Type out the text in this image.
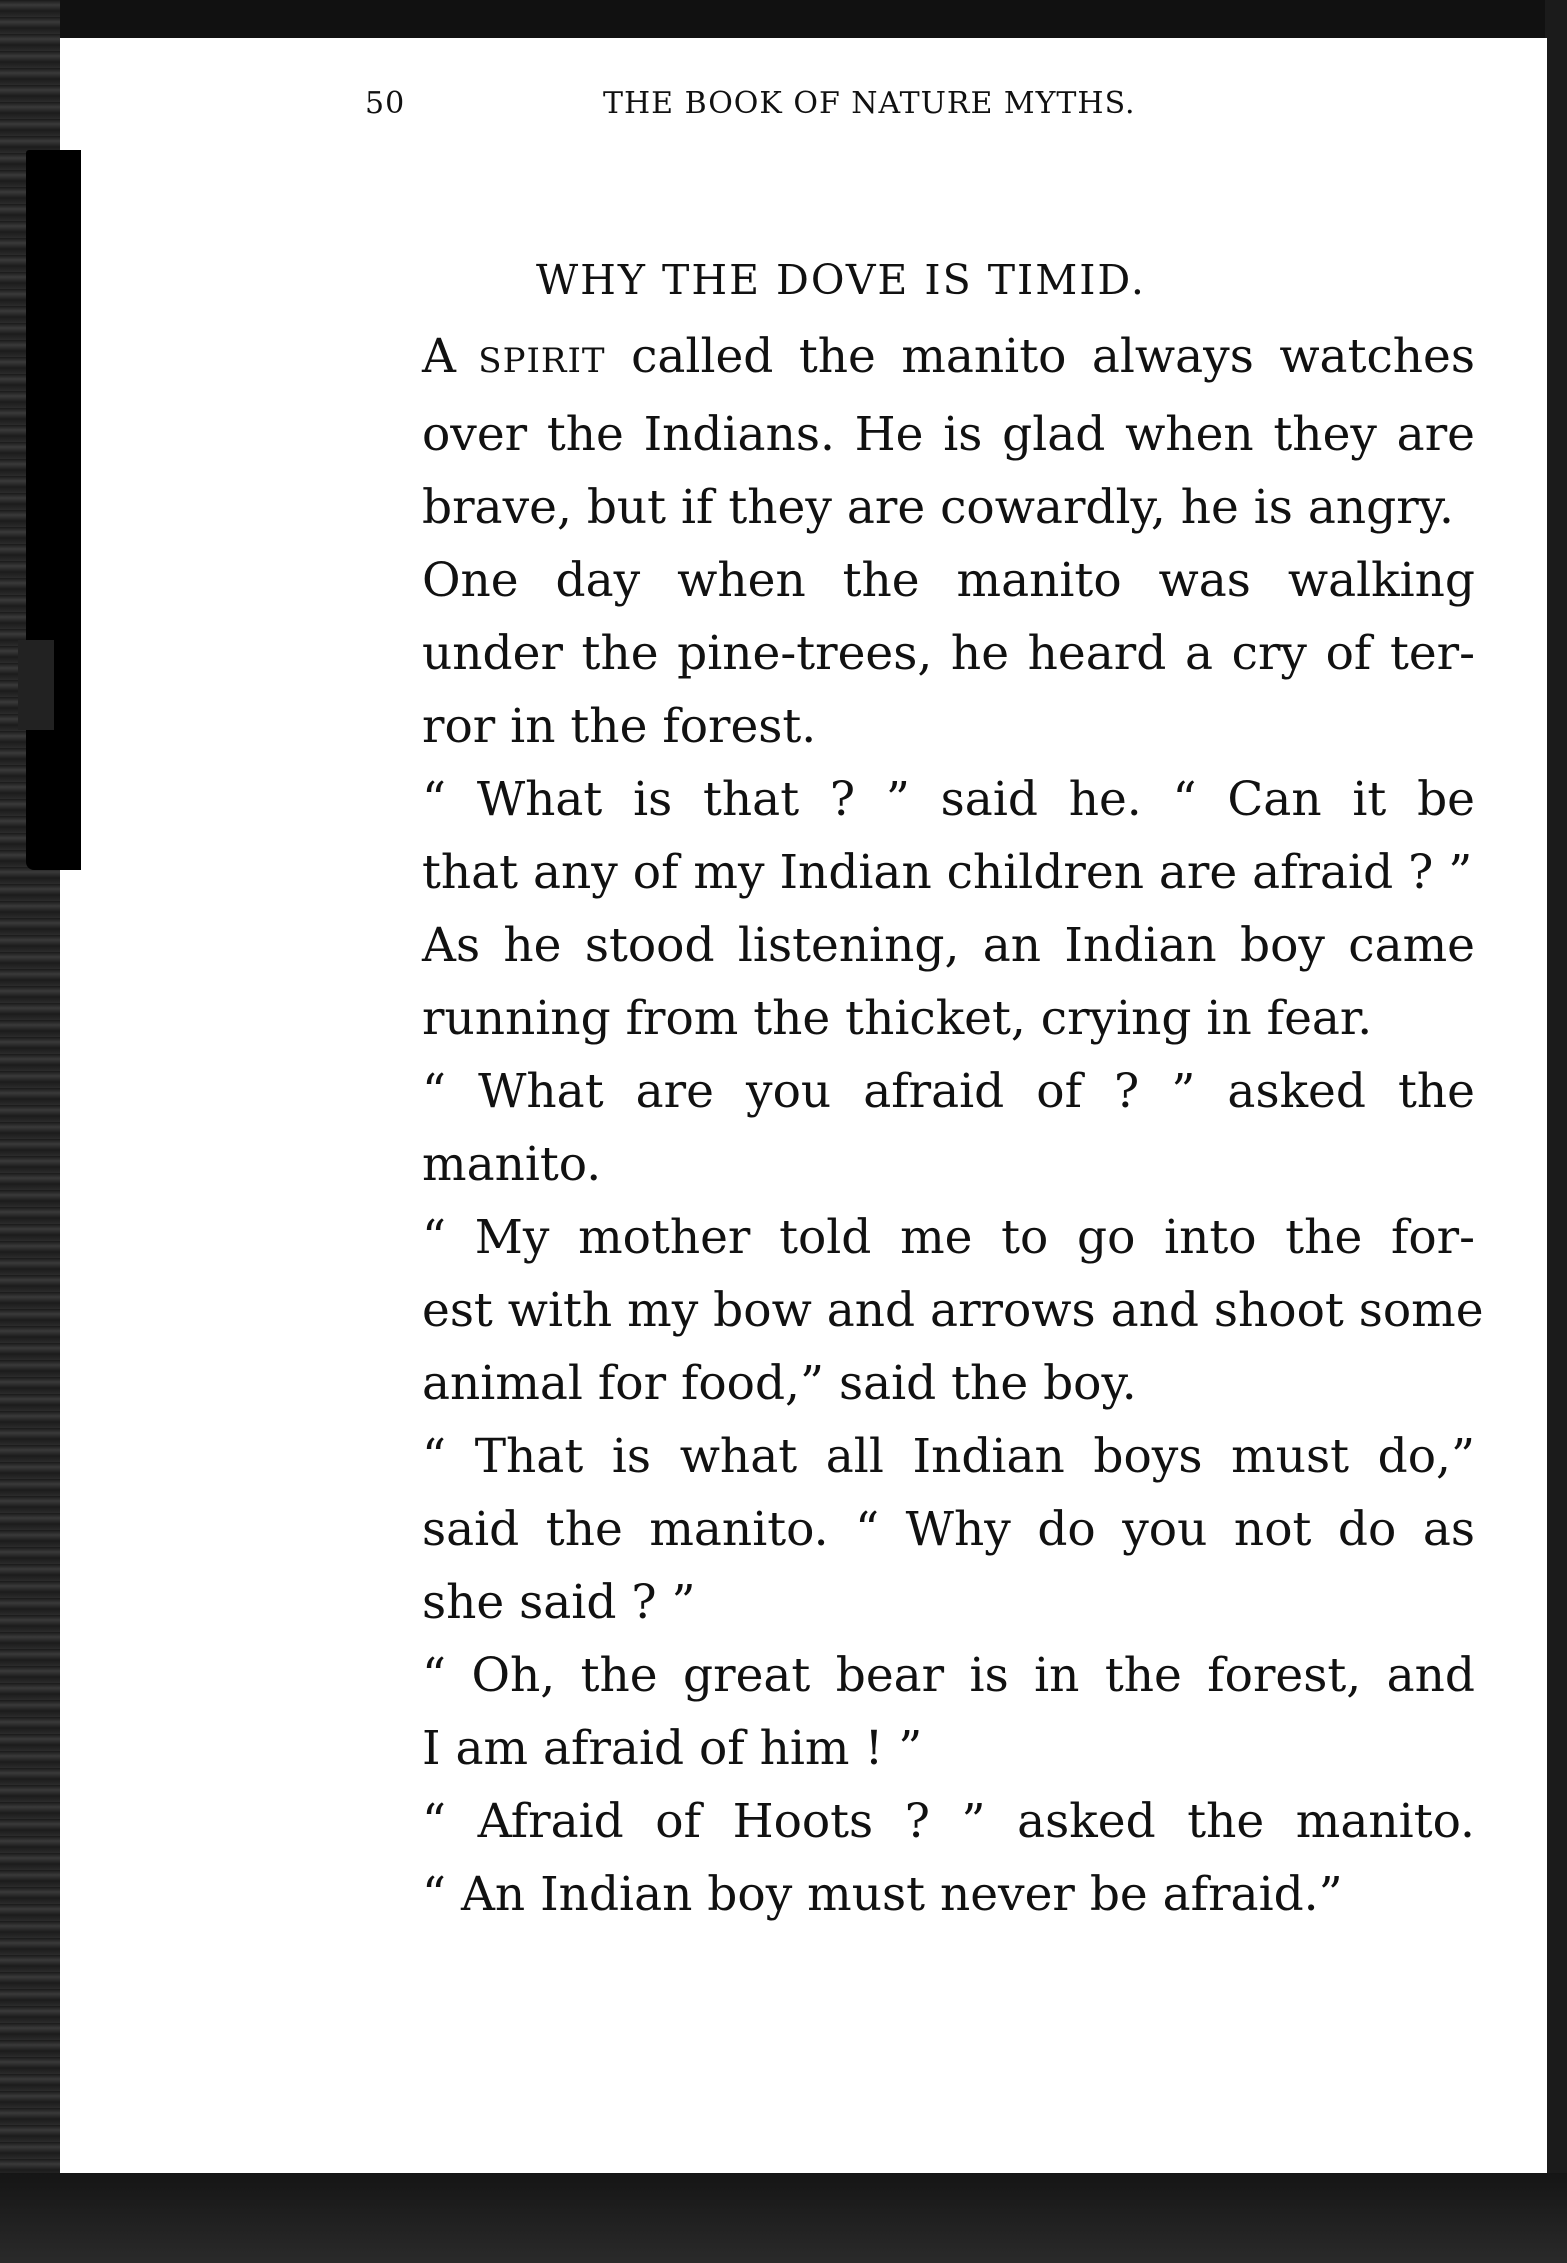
50	THE BOOK OF NATURE MYTHS.
WHY THE DOVE IS TIMID.

A SPIRIT called the manito always watches
over the Indians. He is glad when they are
brave, but if they are cowardly, he is angry.

One day when the manito was walking
under the pine-trees, he heard a cry of ter-
ror in the forest.

“ What is that ? ” said he. “ Can it be
that any of my Indian children are afraid ? ”

As he stood listening, an Indian boy came
running from the thicket, crying in fear.

“ What are you afraid of ? ” asked the
manito.

“ My mother told me to go into the for-
est with my bow and arrows and shoot some
animal for food,” said the boy.

“ That is what all Indian boys must do,”
said the manito. “ Why do you not do as
she said ? ”

“ Oh, the great bear is in the forest, and
I am afraid of him ! ”

“ Afraid of Hoots ? ” asked the manito.
“ An Indian boy must never be afraid.”
